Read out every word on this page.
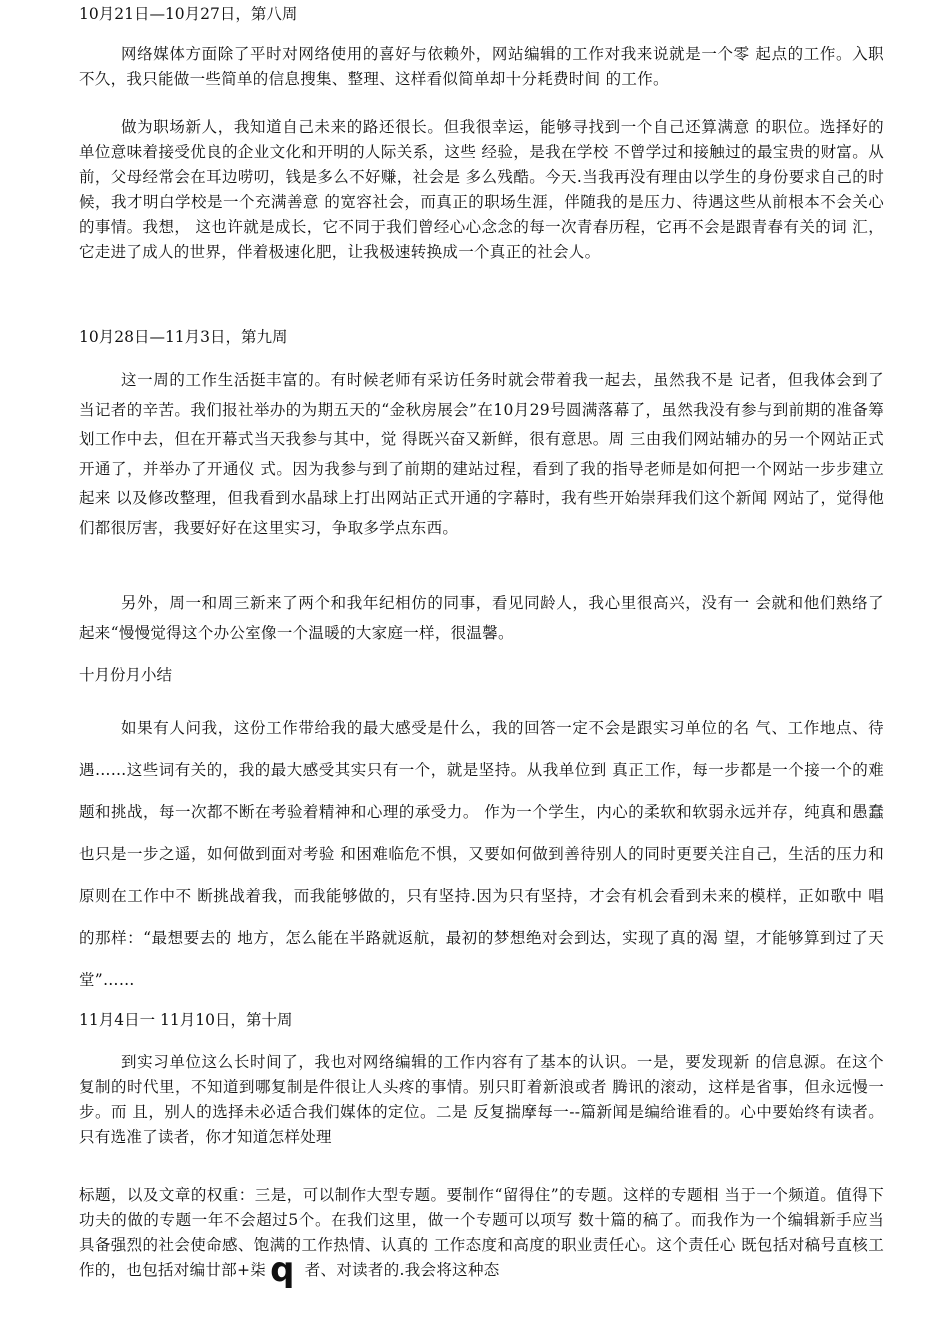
10月21日—10月27日，第八周
网络媒体方面除了平时对网络使用的喜好与依赖外，网站编辑的工作对我来说就是一个零 起点的工作。入职不久，我只能做一些简单的信息搜集、整理、这样看似简单却十分耗费时间 的工作。
做为职场新人，我知道自己未来的路还很长。但我很幸运，能够寻找到一个自己还算满意 的职位。选择好的单位意味着接受优良的企业文化和开明的人际关系，这些 经验，是我在学校 不曾学过和接触过的最宝贵的财富。从前，父母经常会在耳边唠叨，钱是多么不好赚，社会是 多么残酷。今天.当我再没有理由以学生的身份要求自己的时候，我才明白学校是一个充满善意 的宽容社会，而真正的职场生涯，伴随我的是压力、待遇这些从前根本不会关心的事情。我想， 这也许就是成长，它不同于我们曾经心心念念的每一次青春历程，它再不会是跟青春有关的词 汇，它走进了成人的世界，伴着极速化肥，让我极速转换成一个真正的社会人。
10月28日—11月3日，第九周
这一周的工作生活挺丰富的。有时候老师有采访任务时就会带着我一起去，虽然我不是 记者，但我体会到了当记者的辛苦。我们报社举办的为期五天的“金秋房展会”在10月29号圆满落幕了，虽然我没有参与到前期的准备筹划工作中去，但在开幕式当天我参与其中，觉 得既兴奋又新鲜，很有意思。周 三由我们网站辅办的另一个网站正式开通了，并举办了开通仪 式。因为我参与到了前期的建站过程，看到了我的指导老师是如何把一个网站一步步建立起来 以及修改整理，但我看到水晶球上打出网站正式开通的字幕时，我有些开始崇拜我们这个新闻 网站了，觉得他们都很厉害，我要好好在这里实习，争取多学点东西。
另外，周一和周三新来了两个和我年纪相仿的同事，看见同龄人，我心里很高兴，没有一 会就和他们熟络了起来“慢慢觉得这个办公室像一个温暖的大家庭一样，很温馨。
十月份月小结
如果有人问我，这份工作带给我的最大感受是什么，我的回答一定不会是跟实习单位的名 气、工作地点、待遇……这些词有关的，我的最大感受其实只有一个，就是坚持。从我单位到 真正工作，每一步都是一个接一个的难题和挑战，每一次都不断在考验着精神和心理的承受力。 作为一个学生，内心的柔软和软弱永远并存，纯真和愚蠢也只是一步之遥，如何做到面对考验 和困难临危不惧，又要如何做到善待别人的同时更要关注自己，生活的压力和原则在工作中不 断挑战着我，而我能够做的，只有坚持.因为只有坚持，才会有机会看到未来的模样，正如歌中 唱的那样：“最想要去的 地方，怎么能在半路就返航，最初的梦想绝对会到达，实现了真的渴 望，才能够算到过了天堂”……
11月4日一 11月10日，第十周
到实习单位这么长时间了，我也对网络编辑的工作内容有了基本的认识。一是，要发现新 的信息源。在这个复制的时代里，不知道到哪复制是件很让人头疼的事情。别只盯着新浪或者 腾讯的滚动，这样是省事，但永远慢一步。而 且，别人的选择未必适合我们媒体的定位。二是 反复揣摩每一--篇新闻是编给谁看的。心中要始终有读者。只有选准了读者，你才知道怎样处理
标题，以及文章的权重：三是，可以制作大型专题。要制作“留得住”的专题。这样的专题相 当于一个频道。值得下功夫的做的专题一年不会超过5个。在我们这里，做一个专题可以项写 数十篇的稿了。而我作为一个编辑新手应当具备强烈的社会使命感、饱满的工作热情、认真的 工作态度和高度的职业责任心。这个责任心 既包括对稿号直核工作的，也包括对编廿部+柒 q 者、对读者的.我会将这种态
